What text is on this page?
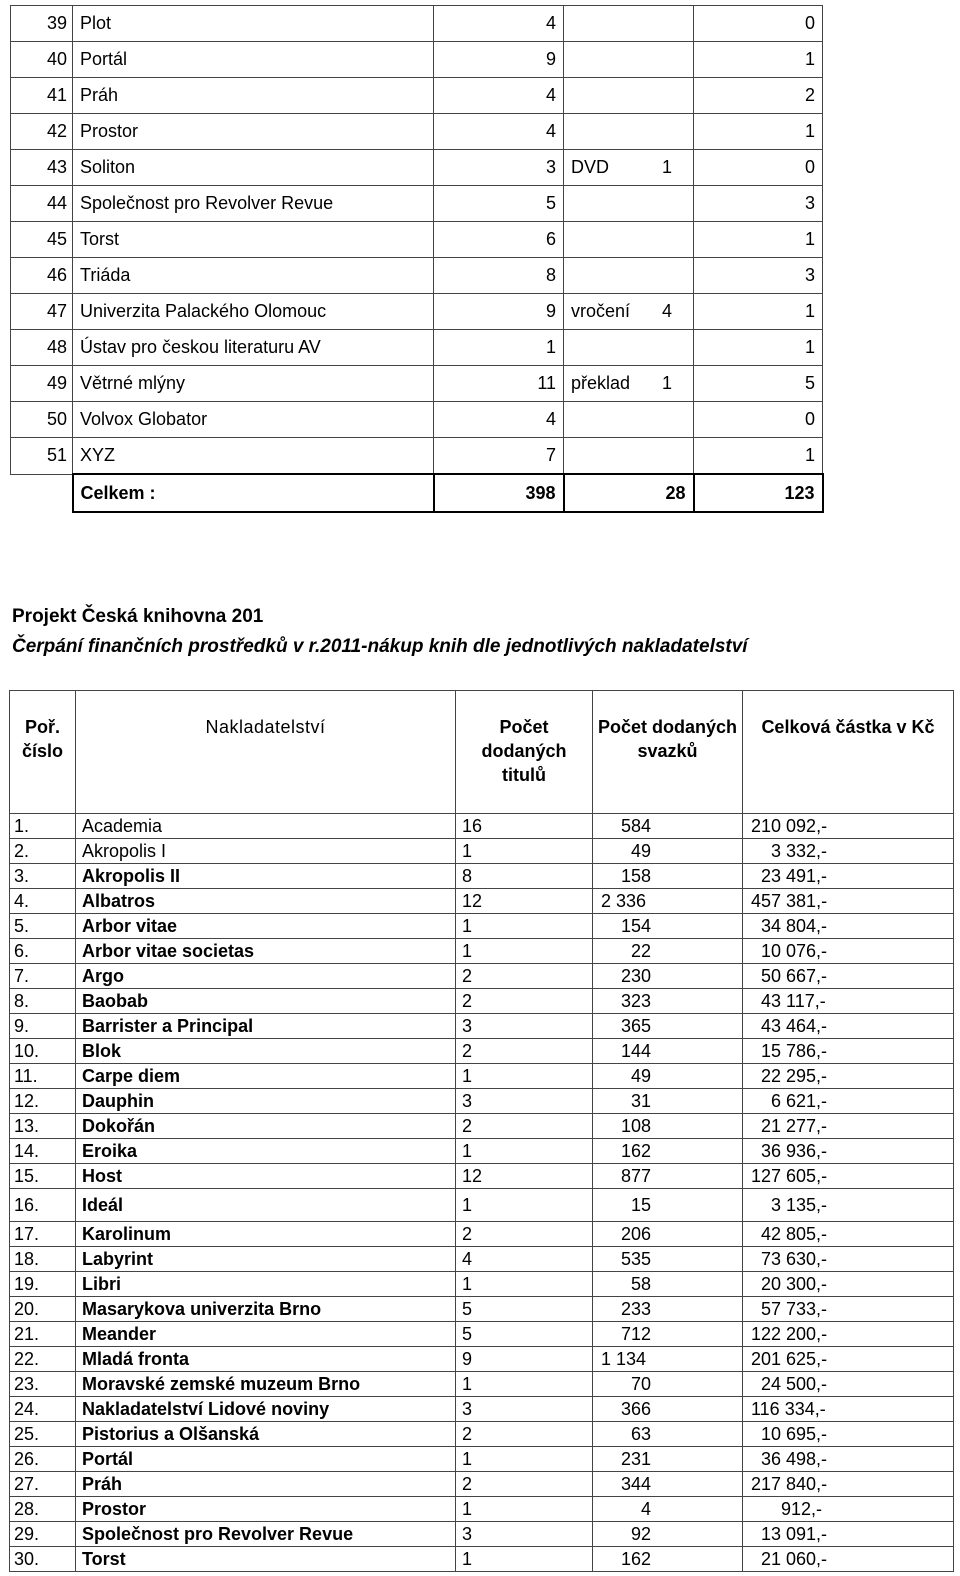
39	Plot	4		0
40	Portál	9		1
41	Práh	4		2
42	Prostor	4		1
43	Soliton	3	DVD 1	0
44	Společnost pro Revolver Revue	5		3
45	Torst	6		1
46	Triáda	8		3
47	Univerzita Palackého Olomouc	9	vročení 4	1
48	Ústav pro českou literaturu AV	1		1
49	Větrné mlýny	11	překlad 1	5
50	Volvox Globator	4		0
51	XYZ	7		1
	Celkem :	398	28	123
Projekt Česká knihovna 201
Čerpání finančních prostředků v r.2011-nákup knih dle jednotlivých nakladatelství
Poř. číslo	Nakladatelství	Počet dodaných titulů	Počet dodaných svazků	Celková částka v Kč
1.	Academia	16	584	210 092,-
2.	Akropolis I	1	49	3 332,-
3.	Akropolis II	8	158	23 491,-
4.	Albatros	12	2 336	457 381,-
5.	Arbor vitae	1	154	34 804,-
6.	Arbor vitae societas	1	22	10 076,-
7.	Argo	2	230	50 667,-
8.	Baobab	2	323	43 117,-
9.	Barrister a Principal	3	365	43 464,-
10.	Blok	2	144	15 786,-
11.	Carpe diem	1	49	22 295,-
12.	Dauphin	3	31	6 621,-
13.	Dokořán	2	108	21 277,-
14.	Eroika	1	162	36 936,-
15.	Host	12	877	127 605,-
16.	Ideál	1	15	3 135,-
17.	Karolinum	2	206	42 805,-
18.	Labyrint	4	535	73 630,-
19.	Libri	1	58	20 300,-
20.	Masarykova univerzita Brno	5	233	57 733,-
21.	Meander	5	712	122 200,-
22.	Mladá fronta	9	1 134	201 625,-
23.	Moravské zemské muzeum Brno	1	70	24 500,-
24.	Nakladatelství Lidové noviny	3	366	116 334,-
25.	Pistorius a Olšanská	2	63	10 695,-
26.	Portál	1	231	36 498,-
27.	Práh	2	344	217 840,-
28.	Prostor	1	4	912,-
29.	Společnost pro Revolver Revue	3	92	13 091,-
30.	Torst	1	162	21 060,-
